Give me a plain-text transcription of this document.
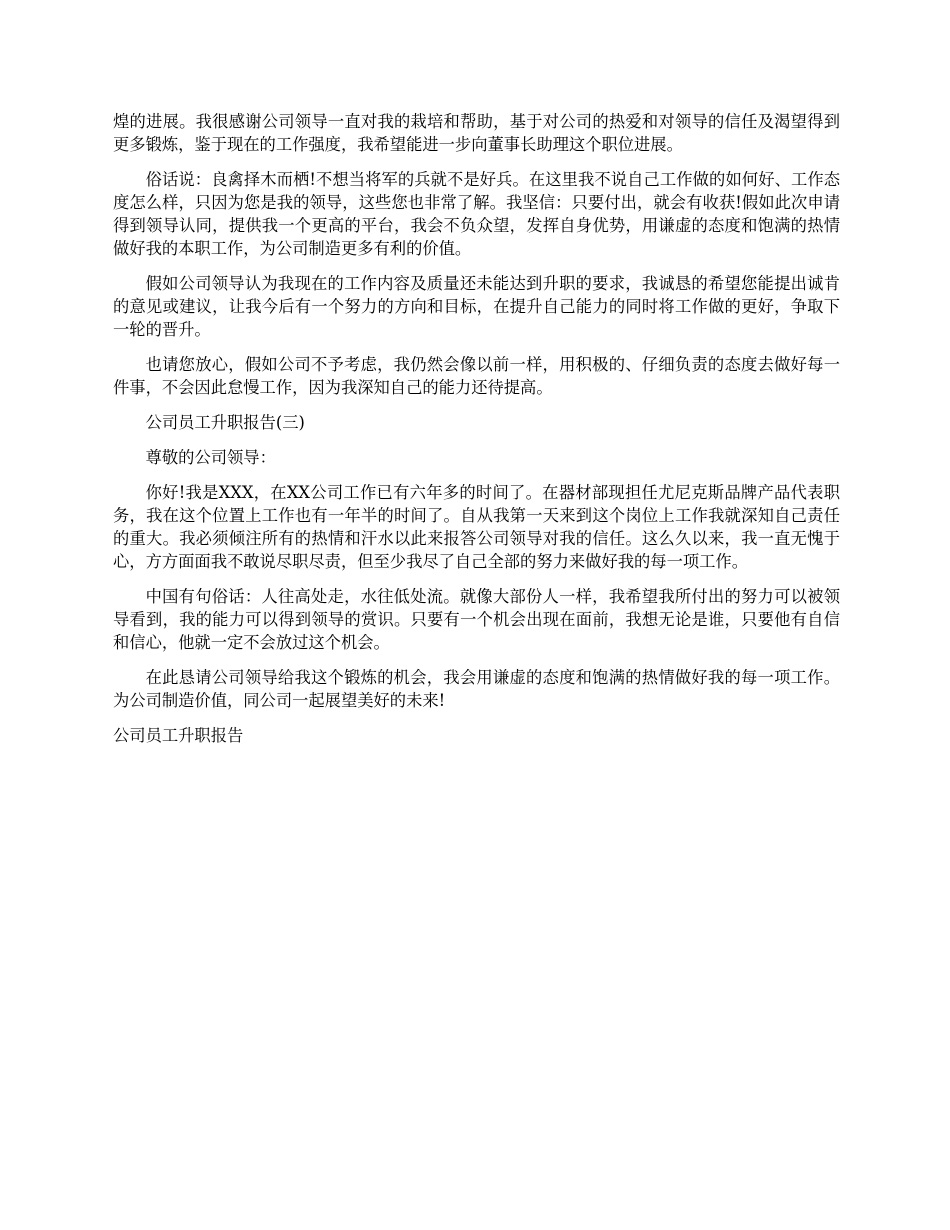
煌的进展。我很感谢公司领导一直对我的栽培和帮助，基于对公司的热爱和对领导的信任及渴望得到更多锻炼，鉴于现在的工作强度，我希望能进一步向董事长助理这个职位进展。

俗话说：良禽择木而栖!不想当将军的兵就不是好兵。在这里我不说自己工作做的如何好、工作态度怎么样，只因为您是我的领导，这些您也非常了解。我坚信：只要付出，就会有收获!假如此次申请得到领导认同，提供我一个更高的平台，我会不负众望，发挥自身优势，用谦虚的态度和饱满的热情做好我的本职工作，为公司制造更多有利的价值。

假如公司领导认为我现在的工作内容及质量还未能达到升职的要求，我诚恳的希望您能提出诚肯的意见或建议，让我今后有一个努力的方向和目标，在提升自己能力的同时将工作做的更好，争取下一轮的晋升。

也请您放心，假如公司不予考虑，我仍然会像以前一样，用积极的、仔细负责的态度去做好每一件事，不会因此怠慢工作，因为我深知自己的能力还待提高。

公司员工升职报告(三)

尊敬的公司领导：

你好!我是XXX，在XX公司工作已有六年多的时间了。在器材部现担任尤尼克斯品牌产品代表职务，我在这个位置上工作也有一年半的时间了。自从我第一天来到这个岗位上工作我就深知自己责任的重大。我必须倾注所有的热情和汗水以此来报答公司领导对我的信任。这么久以来，我一直无愧于心，方方面面我不敢说尽职尽责，但至少我尽了自己全部的努力来做好我的每一项工作。

中国有句俗话：人往高处走，水往低处流。就像大部份人一样，我希望我所付出的努力可以被领导看到，我的能力可以得到领导的赏识。只要有一个机会出现在面前，我想无论是谁，只要他有自信和信心，他就一定不会放过这个机会。

在此恳请公司领导给我这个锻炼的机会，我会用谦虚的态度和饱满的热情做好我的每一项工作。为公司制造价值，同公司一起展望美好的未来!

公司员工升职报告
